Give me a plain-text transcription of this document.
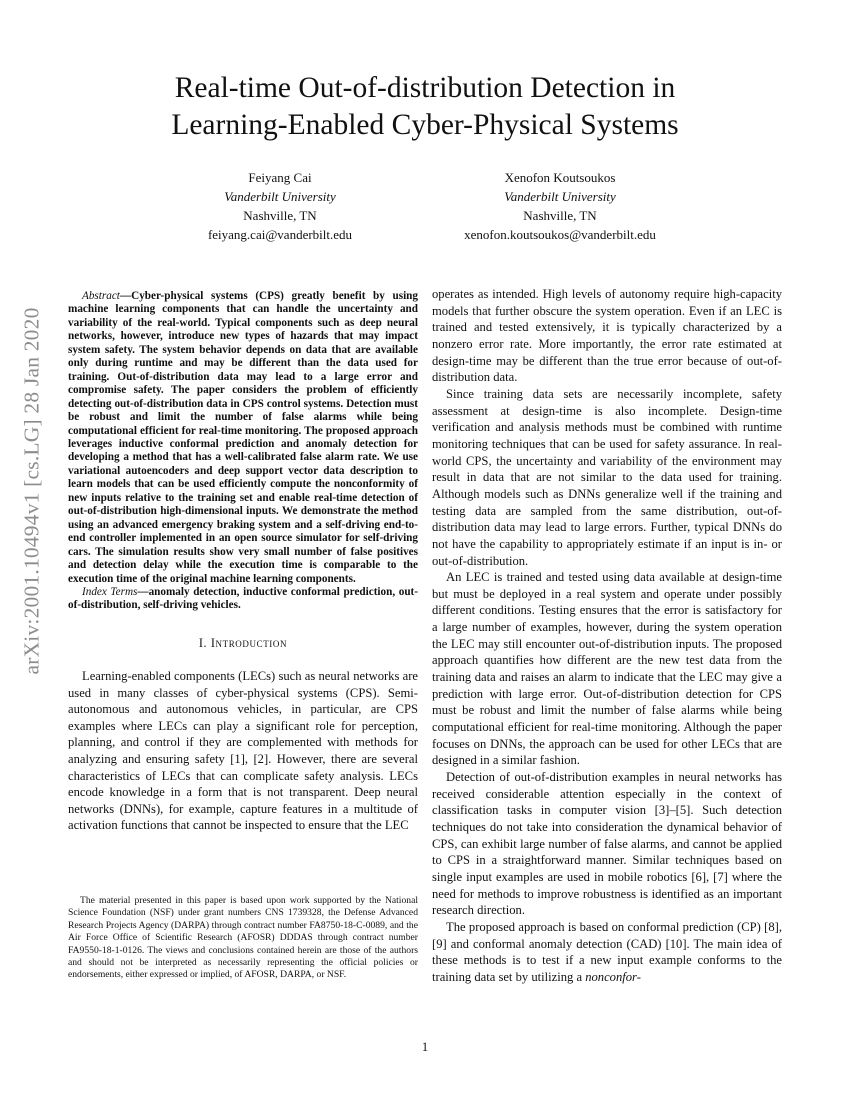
arXiv:2001.10494v1 [cs.LG] 28 Jan 2020
Real-time Out-of-distribution Detection in
Learning-Enabled Cyber-Physical Systems
Feiyang Cai
Vanderbilt University
Nashville, TN
feiyang.cai@vanderbilt.edu
Xenofon Koutsoukos
Vanderbilt University
Nashville, TN
xenofon.koutsoukos@vanderbilt.edu

Abstract—Cyber-physical systems (CPS) greatly benefit by using machine learning components that can handle the uncertainty and variability of the real-world. Typical components such as deep neural networks, however, introduce new types of hazards that may impact system safety. The system behavior depends on data that are available only during runtime and may be different than the data used for training. Out-of-distribution data may lead to a large error and compromise safety. The paper considers the problem of efficiently detecting out-of-distribution data in CPS control systems. Detection must be robust and limit the number of false alarms while being computational efficient for real-time monitoring. The proposed approach leverages inductive conformal prediction and anomaly detection for developing a method that has a well-calibrated false alarm rate. We use variational autoencoders and deep support vector data description to learn models that can be used efficiently compute the nonconformity of new inputs relative to the training set and enable real-time detection of out-of-distribution high-dimensional inputs. We demonstrate the method using an advanced emergency braking system and a self-driving end-to-end controller implemented in an open source simulator for self-driving cars. The simulation results show very small number of false positives and detection delay while the execution time is comparable to the execution time of the original machine learning components.

Index Terms—anomaly detection, inductive conformal prediction, out-of-distribution, self-driving vehicles.

I. Introduction

Learning-enabled components (LECs) such as neural networks are used in many classes of cyber-physical systems (CPS). Semi-autonomous and autonomous vehicles, in particular, are CPS examples where LECs can play a significant role for perception, planning, and control if they are complemented with methods for analyzing and ensuring safety [1], [2]. However, there are several characteristics of LECs that can complicate safety analysis. LECs encode knowledge in a form that is not transparent. Deep neural networks (DNNs), for example, capture features in a multitude of activation functions that cannot be inspected to ensure that the LEC

The material presented in this paper is based upon work supported by the National Science Foundation (NSF) under grant numbers CNS 1739328, the Defense Advanced Research Projects Agency (DARPA) through contract number FA8750-18-C-0089, and the Air Force Office of Scientific Research (AFOSR) DDDAS through contract number FA9550-18-1-0126. The views and conclusions contained herein are those of the authors and should not be interpreted as necessarily representing the official policies or endorsements, either expressed or implied, of AFOSR, DARPA, or NSF.

operates as intended. High levels of autonomy require high-capacity models that further obscure the system operation. Even if an LEC is trained and tested extensively, it is typically characterized by a nonzero error rate. More importantly, the error rate estimated at design-time may be different than the true error because of out-of-distribution data.

Since training data sets are necessarily incomplete, safety assessment at design-time is also incomplete. Design-time verification and analysis methods must be combined with runtime monitoring techniques that can be used for safety assurance. In real-world CPS, the uncertainty and variability of the environment may result in data that are not similar to the data used for training. Although models such as DNNs generalize well if the training and testing data are sampled from the same distribution, out-of-distribution data may lead to large errors. Further, typical DNNs do not have the capability to appropriately estimate if an input is in- or out-of-distribution.

An LEC is trained and tested using data available at design-time but must be deployed in a real system and operate under possibly different conditions. Testing ensures that the error is satisfactory for a large number of examples, however, during the system operation the LEC may still encounter out-of-distribution inputs. The proposed approach quantifies how different are the new test data from the training data and raises an alarm to indicate that the LEC may give a prediction with large error. Out-of-distribution detection for CPS must be robust and limit the number of false alarms while being computational efficient for real-time monitoring. Although the paper focuses on DNNs, the approach can be used for other LECs that are designed in a similar fashion.

Detection of out-of-distribution examples in neural networks has received considerable attention especially in the context of classification tasks in computer vision [3]–[5]. Such detection techniques do not take into consideration the dynamical behavior of CPS, can exhibit large number of false alarms, and cannot be applied to CPS in a straightforward manner. Similar techniques based on single input examples are used in mobile robotics [6], [7] where the need for methods to improve robustness is identified as an important research direction.

The proposed approach is based on conformal prediction (CP) [8], [9] and conformal anomaly detection (CAD) [10]. The main idea of these methods is to test if a new input example conforms to the training data set by utilizing a nonconfor-

1
